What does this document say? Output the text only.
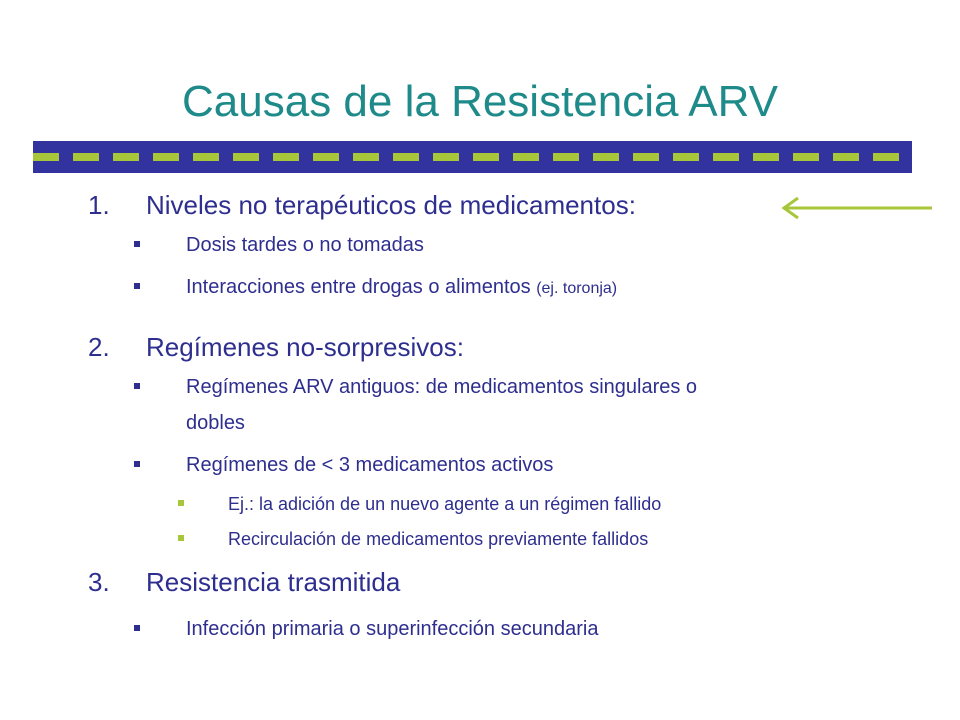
Causas de la Resistencia ARV
1. Niveles no terapéuticos de medicamentos:
Dosis tardes o no tomadas
Interacciones entre drogas o alimentos (ej. toronja)
2. Regímenes no-sorpresivos:
Regímenes ARV antiguos: de medicamentos singulares o
dobles
Regímenes de < 3 medicamentos activos
Ej.: la adición de un nuevo agente a un régimen fallido
Recirculación de medicamentos previamente fallidos
3. Resistencia trasmitida
Infección primaria o superinfección secundaria
